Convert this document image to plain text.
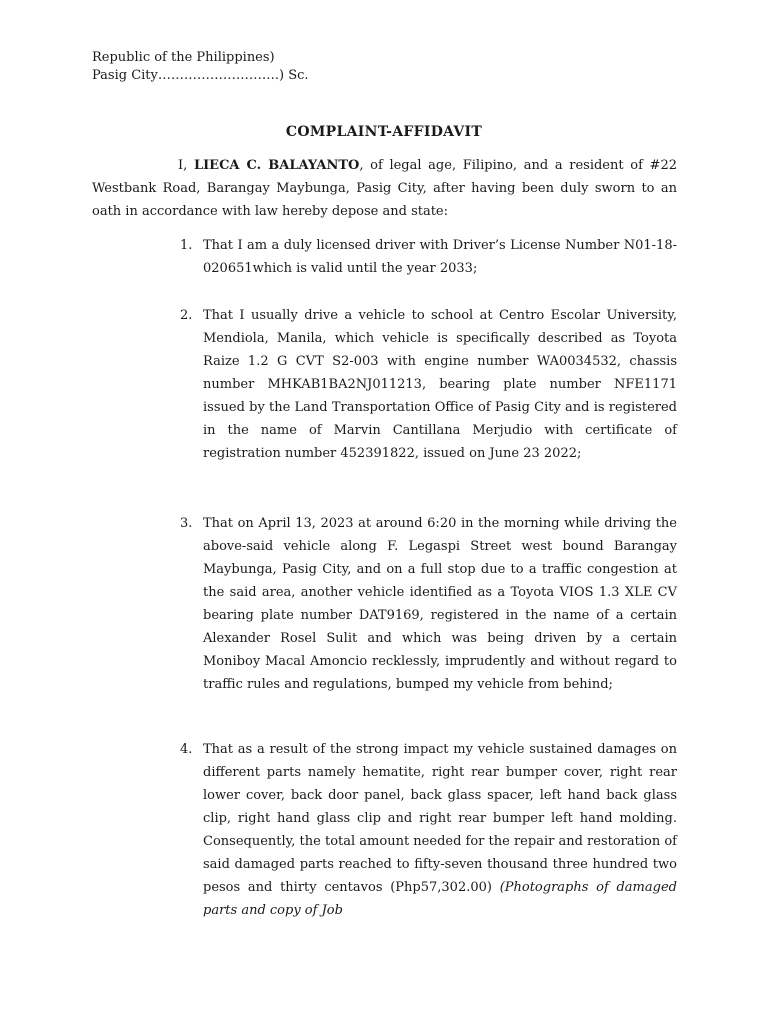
Republic of the Philippines)
Pasig City……………………….) Sc.
COMPLAINT-AFFIDAVIT

I, LIECA C. BALAYANTO, of legal age, Filipino, and a resident of #22 Westbank Road, Barangay Maybunga, Pasig City, after having been duly sworn to an oath in accordance with law hereby depose and state:

1. That I am a duly licensed driver with Driver’s License Number N01-18-020651which is valid until the year 2033;
2. That I usually drive a vehicle to school at Centro Escolar University, Mendiola, Manila, which vehicle is specifically described as Toyota Raize 1.2 G CVT S2-003 with engine number WA0034532, chassis number MHKAB1BA2NJ011213, bearing plate number NFE1171 issued by the Land Transportation Office of Pasig City and is registered in the name of Marvin Cantillana Merjudio with certificate of registration number 452391822, issued on June 23 2022;
3. That on April 13, 2023 at around 6:20 in the morning while driving the above-said vehicle along F. Legaspi Street west bound Barangay Maybunga, Pasig City, and on a full stop due to a traffic congestion at the said area, another vehicle identified as a Toyota VIOS 1.3 XLE CV bearing plate number DAT9169, registered in the name of a certain Alexander Rosel Sulit and which was being driven by a certain Moniboy Macal Amoncio recklessly, imprudently and without regard to traffic rules and regulations, bumped my vehicle from behind;
4. That as a result of the strong impact my vehicle sustained damages on different parts namely hematite, right rear bumper cover, right rear lower cover, back door panel, back glass spacer, left hand back glass clip, right hand glass clip and right rear bumper left hand molding. Consequently, the total amount needed for the repair and restoration of said damaged parts reached to fifty-seven thousand three hundred two pesos and thirty centavos (Php57,302.00) (Photographs of damaged parts and copy of Job
